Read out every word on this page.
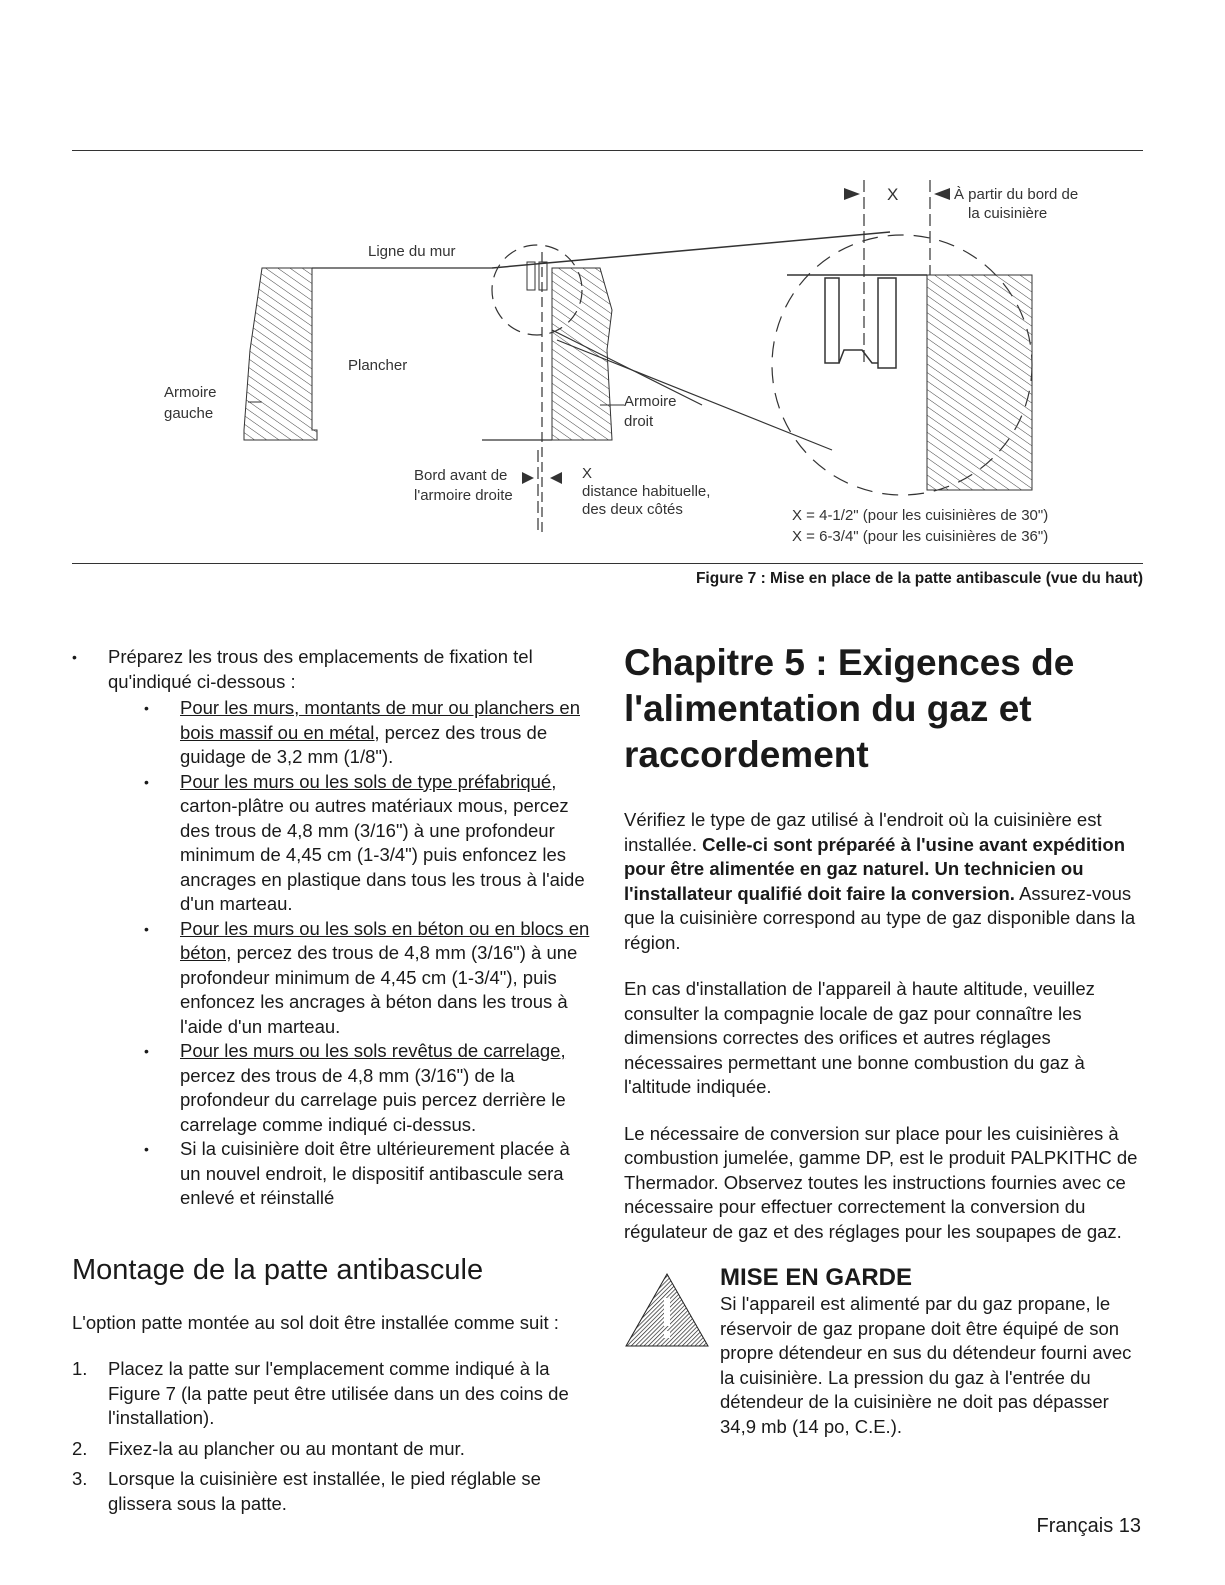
Ligne du mur
Plancher
Armoire
gauche
Armoire
droit
Bord avant de
l'armoire droite
X
distance habituelle,
des deux côtés
X	À partir du bord de
la cuisinière
X = 4-1/2" (pour les cuisinières de 30")
X = 6-3/4" (pour les cuisinières de 36")
Figure 7 : Mise en place de la patte antibascule (vue du haut)
• Préparez les trous des emplacements de fixation tel qu'indiqué ci-dessous :
• Pour les murs, montants de mur ou planchers en bois massif ou en métal, percez des trous de guidage de 3,2 mm (1/8").
• Pour les murs ou les sols de type préfabriqué, carton-plâtre ou autres matériaux mous, percez des trous de 4,8 mm (3/16") à une profondeur minimum de 4,45 cm (1-3/4") puis enfoncez les ancrages en plastique dans tous les trous à l'aide d'un marteau.
• Pour les murs ou les sols en béton ou en blocs en béton, percez des trous de 4,8 mm (3/16") à une profondeur minimum de 4,45 cm (1-3/4"), puis enfoncez les ancrages à béton dans les trous à l'aide d'un marteau.
• Pour les murs ou les sols revêtus de carrelage, percez des trous de 4,8 mm (3/16") de la profondeur du carrelage puis percez derrière le carrelage comme indiqué ci-dessus.
• Si la cuisinière doit être ultérieurement placée à un nouvel endroit, le dispositif antibascule sera enlevé et réinstallé
Montage de la patte antibascule

L'option patte montée au sol doit être installée comme suit :

1. Placez la patte sur l'emplacement comme indiqué à la Figure 7 (la patte peut être utilisée dans un des coins de l'installation).
2. Fixez-la au plancher ou au montant de mur.
3. Lorsque la cuisinière est installée, le pied réglable se glissera sous la patte.
Chapitre 5 : Exigences de l'alimentation du gaz et raccordement

Vérifiez le type de gaz utilisé à l'endroit où la cuisinière est installée. Celle-ci sont préparéé à l'usine avant expédition pour être alimentée en gaz naturel. Un technicien ou l'installateur qualifié doit faire la conversion. Assurez-vous que la cuisinière correspond au type de gaz disponible dans la région.

En cas d'installation de l'appareil à haute altitude, veuillez consulter la compagnie locale de gaz pour connaître les dimensions correctes des orifices et autres réglages nécessaires permettant une bonne combustion du gaz à l'altitude indiquée.

Le nécessaire de conversion sur place pour les cuisinières à combustion jumelée, gamme DP, est le produit PALPKITHC de Thermador. Observez toutes les instructions fournies avec ce nécessaire pour effectuer correctement la conversion du régulateur de gaz et des réglages pour les soupapes de gaz.

MISE EN GARDE
Si l'appareil est alimenté par du gaz propane, le réservoir de gaz propane doit être équipé de son propre détendeur en sus du détendeur fourni avec la cuisinière. La pression du gaz à l'entrée du détendeur de la cuisinière ne doit pas dépasser 34,9 mb (14 po, C.E.).
Français 13
